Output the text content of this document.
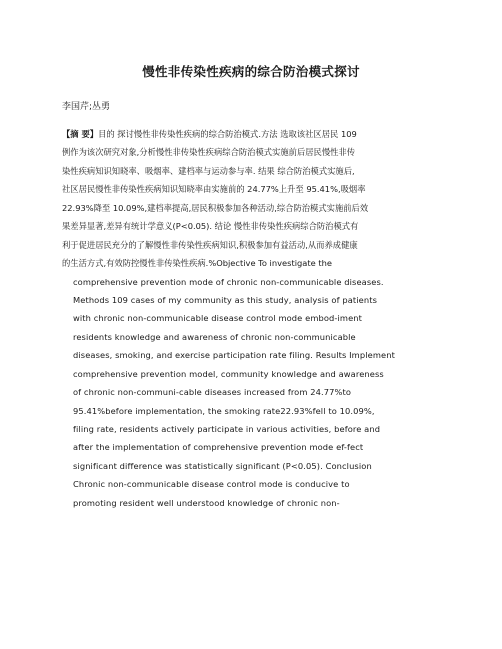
慢性非传染性疾病的综合防治模式探讨
李国芹;丛勇
【摘 要】目的 探讨慢性非传染性疾病的综合防治模式.方法 选取该社区居民 109
例作为该次研究对象,分析慢性非传染性疾病综合防治模式实施前后居民慢性非传
染性疾病知识知晓率、吸烟率、建档率与运动参与率. 结果 综合防治模式实施后,
社区居民慢性非传染性疾病知识知晓率由实施前的 24.77%上升至 95.41%,吸烟率
22.93%降至 10.09%,建档率提高,居民积极参加各种活动,综合防治模式实施前后效
果差异显著,差异有统计学意义(P<0.05). 结论 慢性非传染性疾病综合防治模式有
利于促进居民充分的了解慢性非传染性疾病知识,积极参加有益活动,从而养成健康
的生活方式,有效防控慢性非传染性疾病.%Objective To investigate the
comprehensive prevention mode of chronic non-communicable diseases.
Methods 109 cases of my community as this study, analysis of patients
with chronic non-communicable disease control mode embod-iment
residents knowledge and awareness of chronic non-communicable
diseases, smoking, and exercise participation rate filing. Results Implement
comprehensive prevention model, community knowledge and awareness
of chronic non-communi-cable diseases increased from 24.77%to
95.41%before implementation, the smoking rate22.93%fell to 10.09%,
filing rate, residents actively participate in various activities, before and
after the implementation of comprehensive prevention mode ef-fect
significant difference was statistically significant (P<0.05). Conclusion
Chronic non-communicable disease control mode is conducive to
promoting resident well understood knowledge of chronic non-
